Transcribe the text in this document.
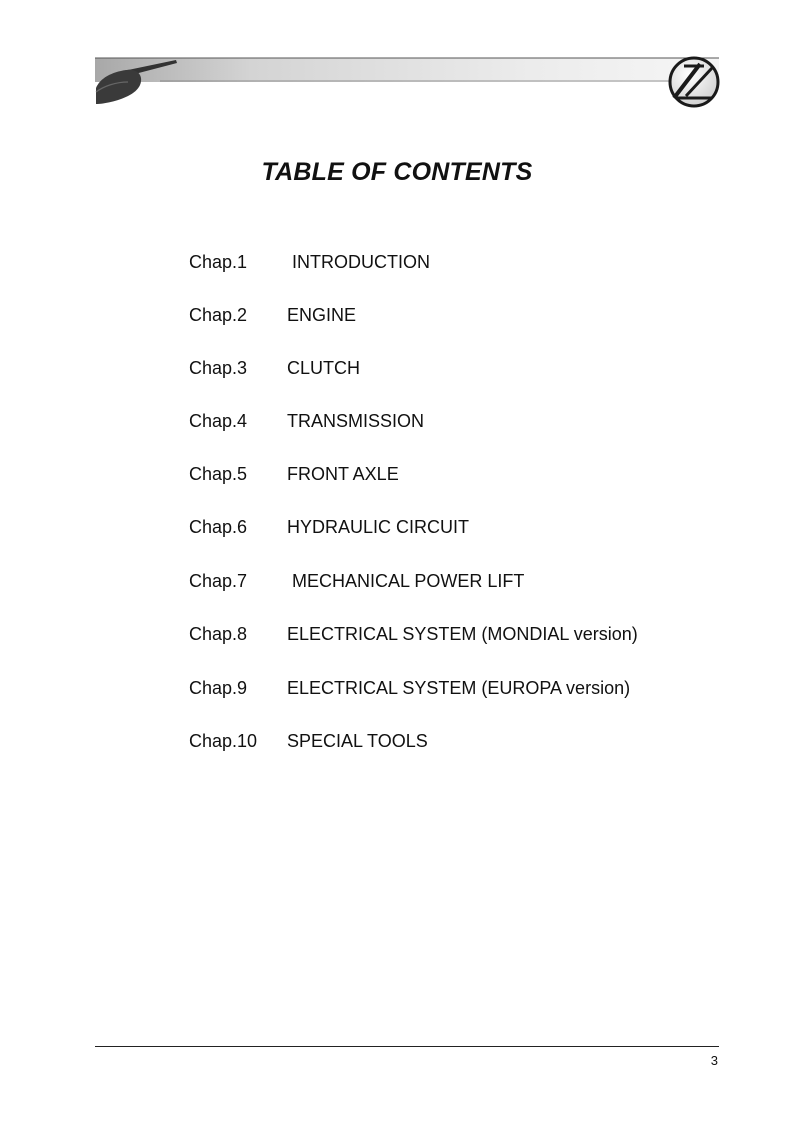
TABLE OF CONTENTS
Chap.1 INTRODUCTION
Chap.2 ENGINE
Chap.3 CLUTCH
Chap.4 TRANSMISSION
Chap.5 FRONT AXLE
Chap.6 HYDRAULIC CIRCUIT
Chap.7 MECHANICAL POWER LIFT
Chap.8 ELECTRICAL SYSTEM (MONDIAL version)
Chap.9 ELECTRICAL SYSTEM (EUROPA version)
Chap.10 SPECIAL TOOLS
3
